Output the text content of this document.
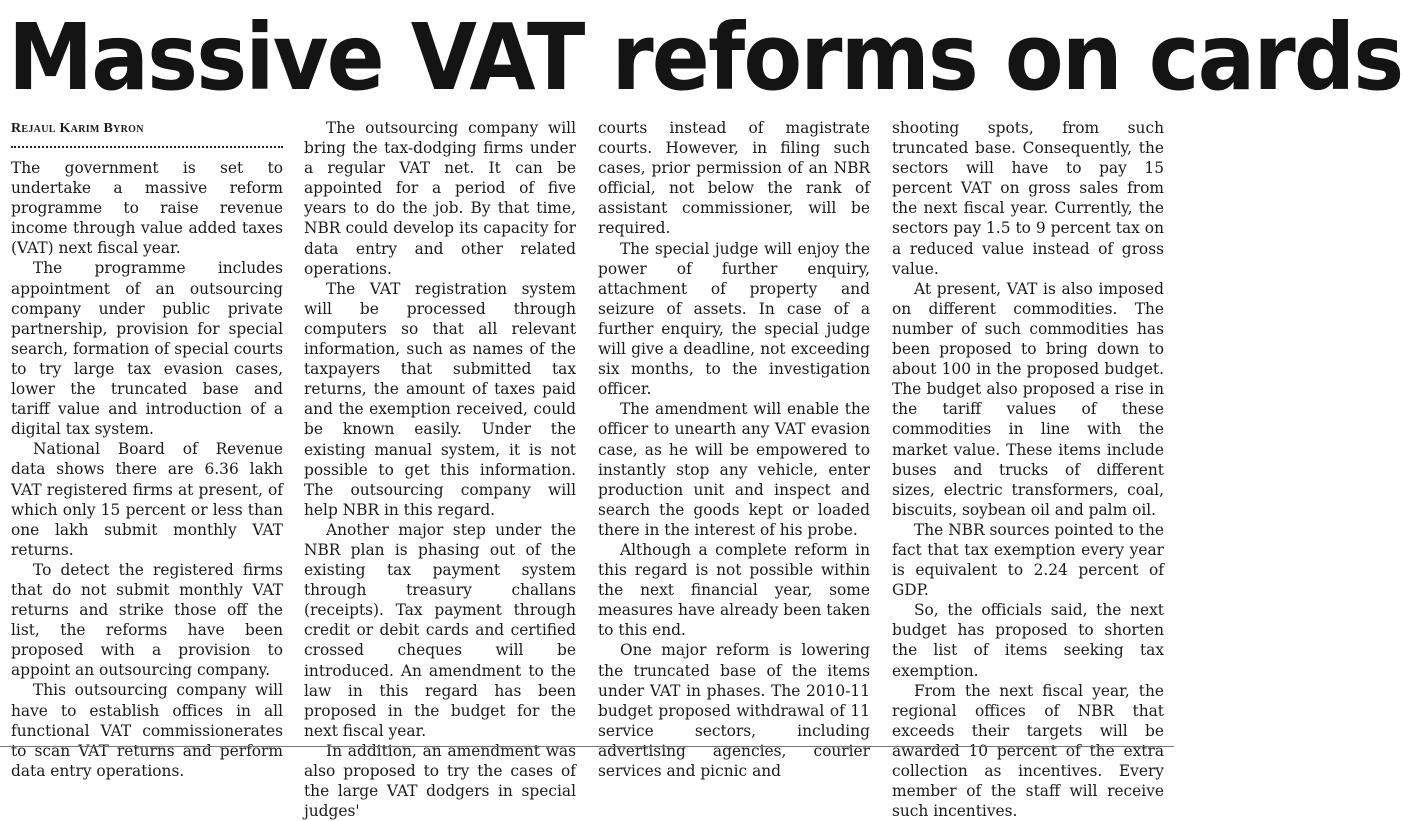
Massive VAT reforms on cards
Rejaul Karim Byron

The government is set to undertake a massive reform programme to raise revenue income through value added taxes (VAT) next fiscal year.

The programme includes appointment of an outsourcing company under public private partnership, provision for special search, formation of special courts to try large tax evasion cases, lower the truncated base and tariff value and introduction of a digital tax system.

National Board of Revenue data shows there are 6.36 lakh VAT registered firms at present, of which only 15 percent or less than one lakh submit monthly VAT returns.

To detect the registered firms that do not submit monthly VAT returns and strike those off the list, the reforms have been proposed with a provision to appoint an outsourcing company.

This outsourcing company will have to establish offices in all functional VAT commissionerates to scan VAT returns and perform data entry operations.

The outsourcing company will bring the tax-dodging firms under a regular VAT net. It can be appointed for a period of five years to do the job. By that time, NBR could develop its capacity for data entry and other related operations.

The VAT registration system will be processed through computers so that all relevant information, such as names of the taxpayers that submitted tax returns, the amount of taxes paid and the exemption received, could be known easily. Under the existing manual system, it is not possible to get this information. The outsourcing company will help NBR in this regard.

Another major step under the NBR plan is phasing out of the existing tax payment system through treasury challans (receipts). Tax payment through credit or debit cards and certified crossed cheques will be introduced. An amendment to the law in this regard has been proposed in the budget for the next fiscal year.

In addition, an amendment was also proposed to try the cases of the large VAT dodgers in special judges'

courts instead of magistrate courts. However, in filing such cases, prior permission of an NBR official, not below the rank of assistant commissioner, will be required.

The special judge will enjoy the power of further enquiry, attachment of property and seizure of assets. In case of a further enquiry, the special judge will give a deadline, not exceeding six months, to the investigation officer.

The amendment will enable the officer to unearth any VAT evasion case, as he will be empowered to instantly stop any vehicle, enter production unit and inspect and search the goods kept or loaded there in the interest of his probe.

Although a complete reform in this regard is not possible within the next financial year, some measures have already been taken to this end.

One major reform is lowering the truncated base of the items under VAT in phases. The 2010-11 budget proposed withdrawal of 11 service sectors, including advertising agencies, courier services and picnic and

shooting spots, from such truncated base. Consequently, the sectors will have to pay 15 percent VAT on gross sales from the next fiscal year. Currently, the sectors pay 1.5 to 9 percent tax on a reduced value instead of gross value.

At present, VAT is also imposed on different commodities. The number of such commodities has been proposed to bring down to about 100 in the proposed budget. The budget also proposed a rise in the tariff values of these commodities in line with the market value. These items include buses and trucks of different sizes, electric transformers, coal, biscuits, soybean oil and palm oil.

The NBR sources pointed to the fact that tax exemption every year is equivalent to 2.24 percent of GDP.

So, the officials said, the next budget has proposed to shorten the list of items seeking tax exemption.

From the next fiscal year, the regional offices of NBR that exceeds their targets will be awarded 10 percent of the extra collection as incentives. Every member of the staff will receive such incentives.
